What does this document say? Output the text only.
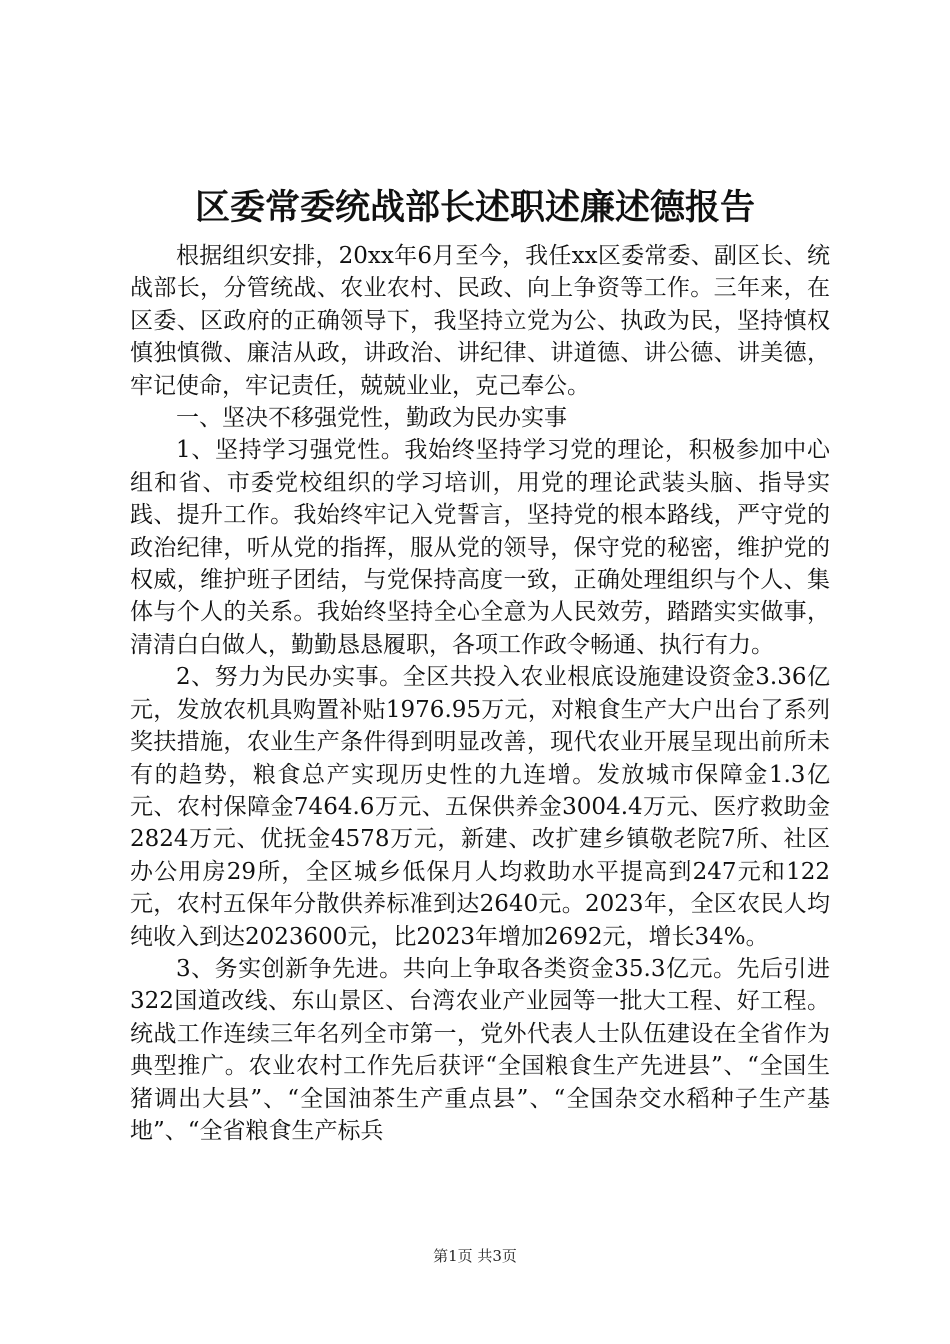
区委常委统战部长述职述廉述德报告

根据组织安排，20xx年6月至今，我任xx区委常委、副区长、统战部长，分管统战、农业农村、民政、向上争资等工作。三年来，在区委、区政府的正确领导下，我坚持立党为公、执政为民，坚持慎权慎独慎微、廉洁从政，讲政治、讲纪律、讲道德、讲公德、讲美德，牢记使命，牢记责任，兢兢业业，克己奉公。

一、坚决不移强党性，勤政为民办实事

1、坚持学习强党性。我始终坚持学习党的理论，积极参加中心组和省、市委党校组织的学习培训，用党的理论武装头脑、指导实践、提升工作。我始终牢记入党誓言，坚持党的根本路线，严守党的政治纪律，听从党的指挥，服从党的领导，保守党的秘密，维护党的权威，维护班子团结，与党保持高度一致，正确处理组织与个人、集体与个人的关系。我始终坚持全心全意为人民效劳，踏踏实实做事，清清白白做人，勤勤恳恳履职，各项工作政令畅通、执行有力。

2、努力为民办实事。全区共投入农业根底设施建设资金3.36亿元，发放农机具购置补贴1976.95万元，对粮食生产大户出台了系列奖扶措施，农业生产条件得到明显改善，现代农业开展呈现出前所未有的趋势，粮食总产实现历史性的九连增。发放城市保障金1.3亿元、农村保障金7464.6万元、五保供养金3004.4万元、医疗救助金2824万元、优抚金4578万元，新建、改扩建乡镇敬老院7所、社区办公用房29所，全区城乡低保月人均救助水平提高到247元和122元，农村五保年分散供养标准到达2640元。2023年，全区农民人均纯收入到达2023600元，比2023年增加2692元，增长34%。

3、务实创新争先进。共向上争取各类资金35.3亿元。先后引进322国道改线、东山景区、台湾农业产业园等一批大工程、好工程。统战工作连续三年名列全市第一，党外代表人士队伍建设在全省作为典型推广。农业农村工作先后获评“全国粮食生产先进县”、“全国生猪调出大县”、“全国油茶生产重点县”、“全国杂交水稻种子生产基地”、“全省粮食生产标兵

第1页 共3页
